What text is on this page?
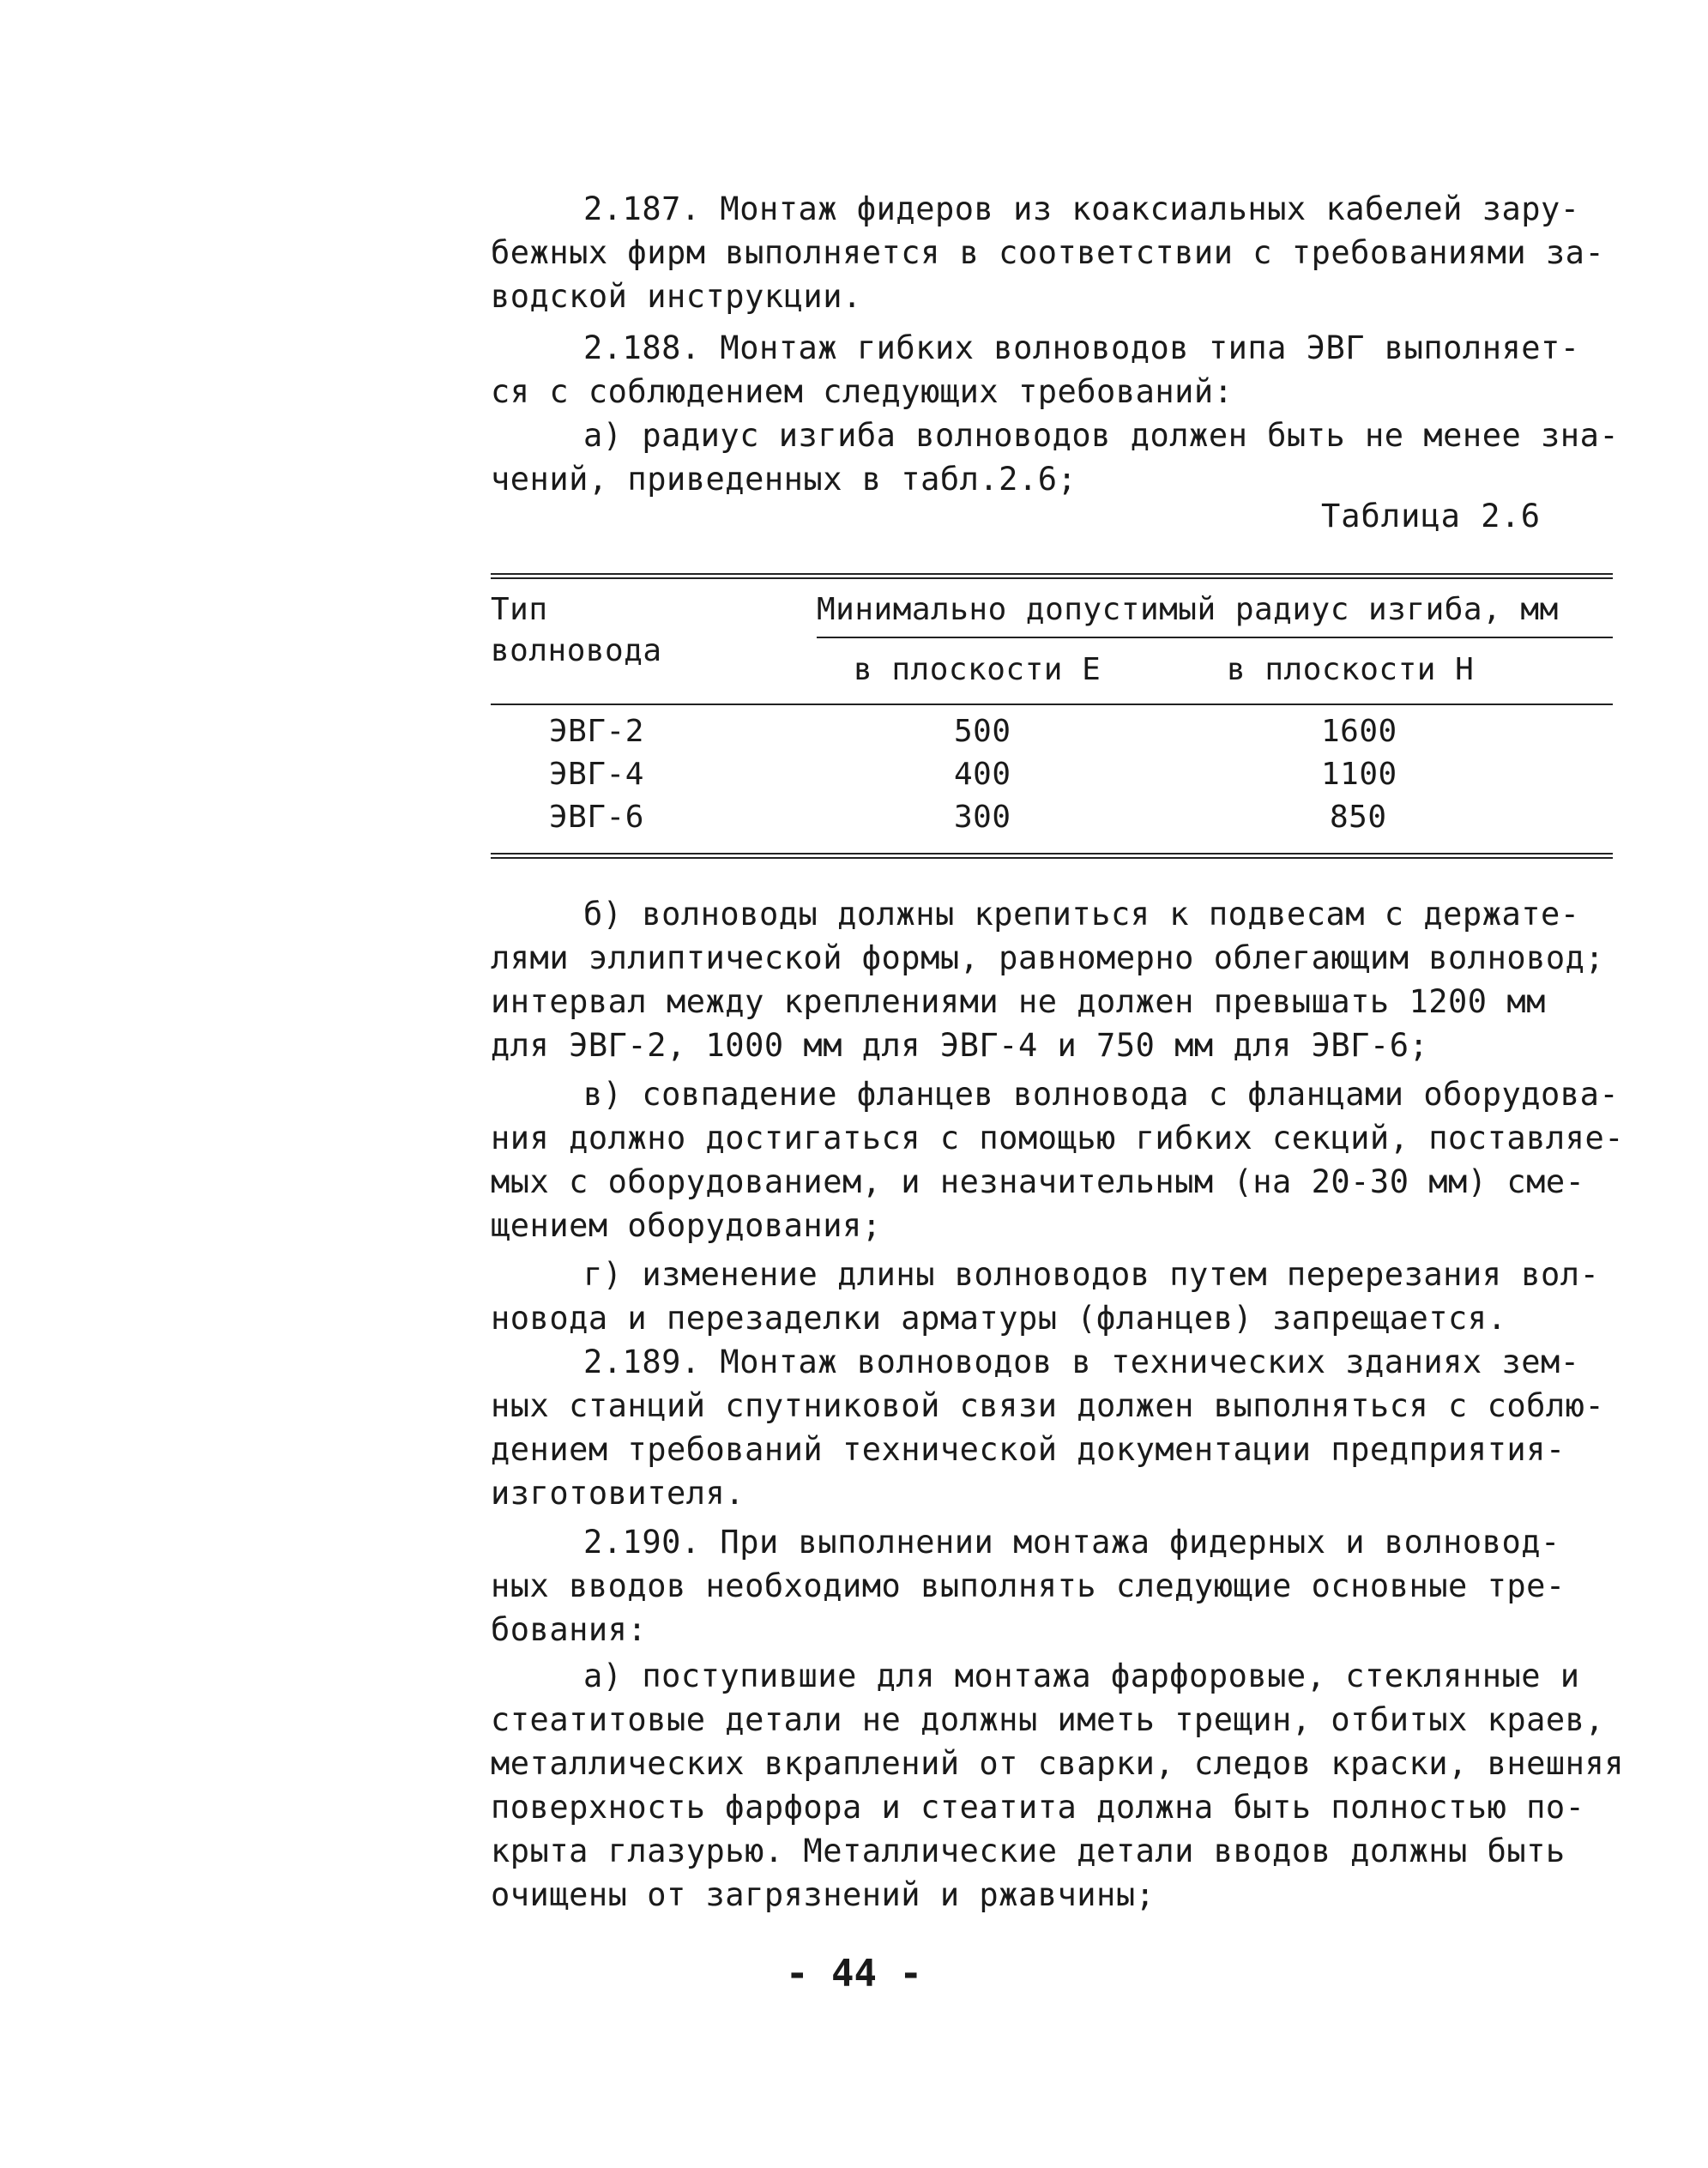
2.187. Монтаж фидеров из коаксиальных кабелей зару-
бежных фирм выполняется в соответствии с требованиями за-
водской инструкции.
2.188. Монтаж гибких волноводов типа ЭВГ выполняет-
ся с соблюдением следующих требований:
а) радиус изгиба волноводов должен быть не менее зна-
чений, приведенных в табл.2.6;
Таблица 2.6
Тип
волновода
Минимально допустимый радиус изгиба, мм
в плоскости Е	в плоскости Н
ЭВГ-2	500	1600
ЭВГ-4	400	1100
ЭВГ-6	300	850
б) волноводы должны крепиться к подвесам с держате-
лями эллиптической формы, равномерно облегающим волновод;
интервал между креплениями не должен превышать 1200 мм
для ЭВГ-2, 1000 мм для ЭВГ-4 и 750 мм для ЭВГ-6;
в) совпадение фланцев волновода с фланцами оборудова-
ния должно достигаться с помощью гибких секций, поставляе-
мых с оборудованием, и незначительным (на 20-30 мм) сме-
щением оборудования;
г) изменение длины волноводов путем перерезания вол-
новода и перезаделки арматуры (фланцев) запрещается.
2.189. Монтаж волноводов в технических зданиях зем-
ных станций спутниковой связи должен выполняться с соблю-
дением требований технической документации предприятия-
изготовителя.
2.190. При выполнении монтажа фидерных и волновод-
ных вводов необходимо выполнять следующие основные тре-
бования:
а) поступившие для монтажа фарфоровые, стеклянные и
стеатитовые детали не должны иметь трещин, отбитых краев,
металлических вкраплений от сварки, следов краски, внешняя
поверхность фарфора и стеатита должна быть полностью по-
крыта глазурью. Металлические детали вводов должны быть
очищены от загрязнений и ржавчины;
- 44 -
